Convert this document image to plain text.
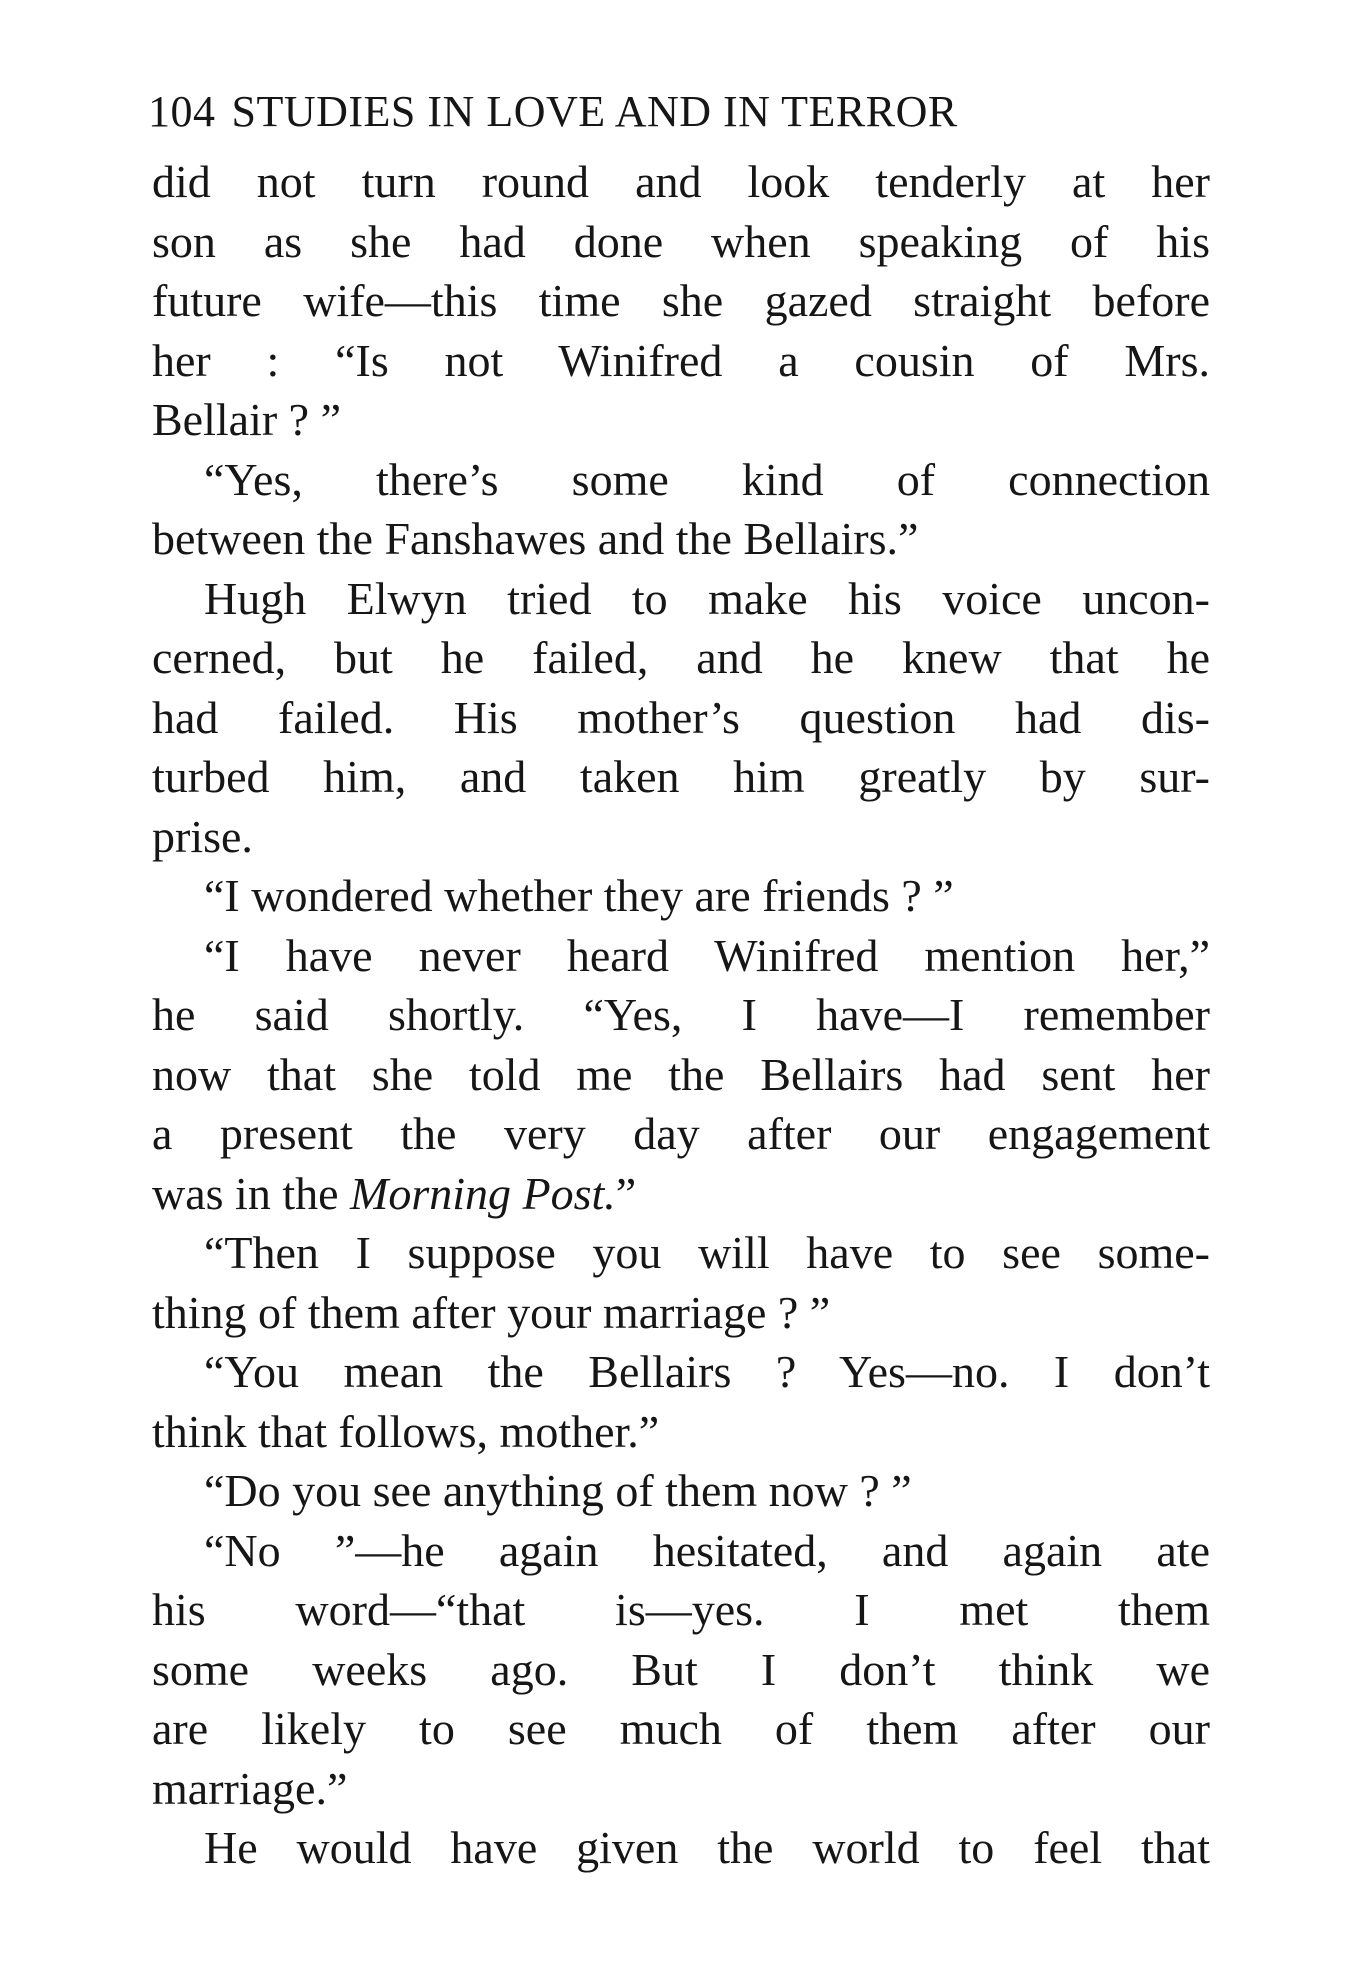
104 STUDIES IN LOVE AND IN TERROR
did not turn round and look tenderly at her
son as she had done when speaking of his
future wife—this time she gazed straight before
her : “Is not Winifred a cousin of Mrs.
Bellair ? ”
“Yes, there’s some kind of connection
between the Fanshawes and the Bellairs.”
Hugh Elwyn tried to make his voice uncon-
cerned, but he failed, and he knew that he
had failed. His mother’s question had dis-
turbed him, and taken him greatly by sur-
prise.
“I wondered whether they are friends ? ”
“I have never heard Winifred mention her,”
he said shortly. “Yes, I have—I remember
now that she told me the Bellairs had sent her
a present the very day after our engagement
was in the Morning Post.”
“Then I suppose you will have to see some-
thing of them after your marriage ? ”
“You mean the Bellairs ? Yes—no. I don’t
think that follows, mother.”
“Do you see anything of them now ? ”
“No ”—he again hesitated, and again ate
his word—“that is—yes. I met them
some weeks ago. But I don’t think we
are likely to see much of them after our
marriage.”
He would have given the world to feel that
